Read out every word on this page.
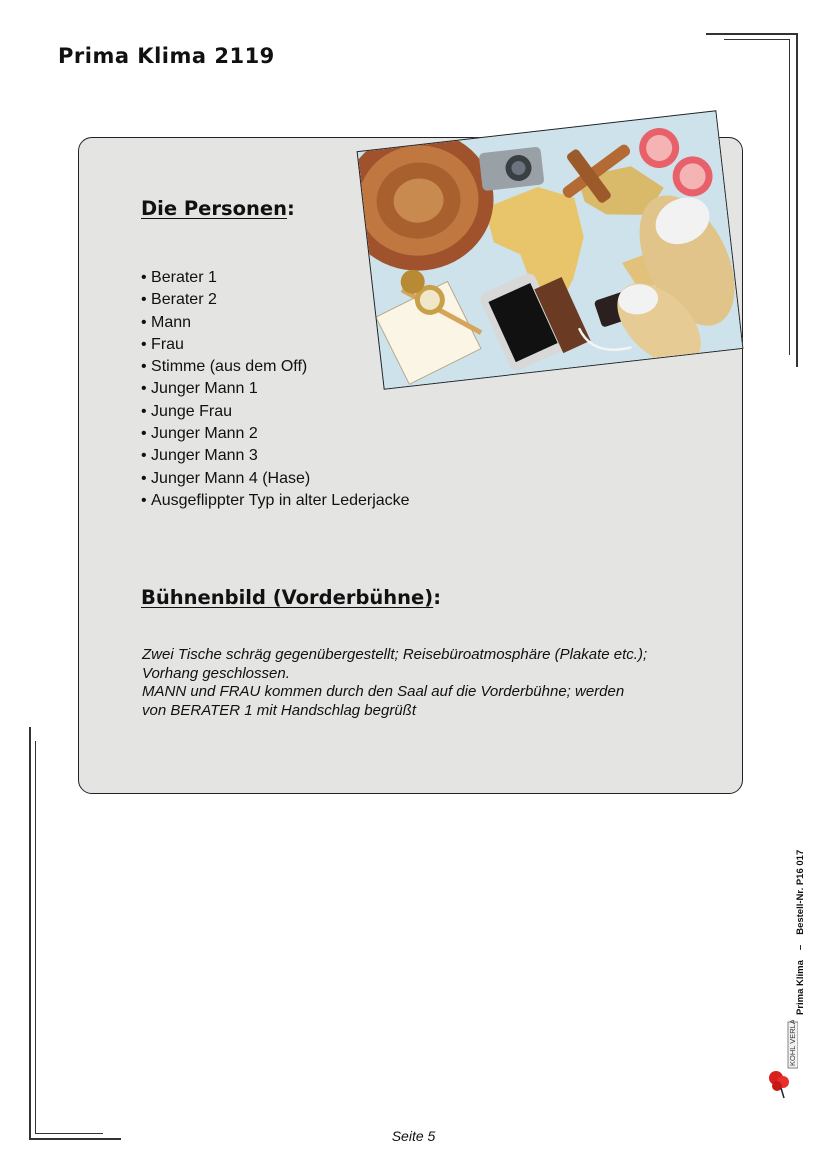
Prima Klima 2119
Die Personen:
• Berater 1
• Berater 2
• Mann
• Frau
• Stimme (aus dem Off)
• Junger Mann 1
• Junge Frau
• Junger Mann 2
• Junger Mann 3
• Junger Mann 4 (Hase)
• Ausgeflippter Typ in alter Lederjacke
Bühnenbild (Vorderbühne):

Zwei Tische schräg gegenübergestellt; Reisebüroatmosphäre (Plakate etc.);

Vorhang geschlossen.

MANN und FRAU kommen durch den Saal auf die Vorderbühne; werden

von BERATER 1 mit Handschlag begrüßt

Prima Klima–Bestell-Nr. P16 017
KOHL VERLAG
Seite 5
